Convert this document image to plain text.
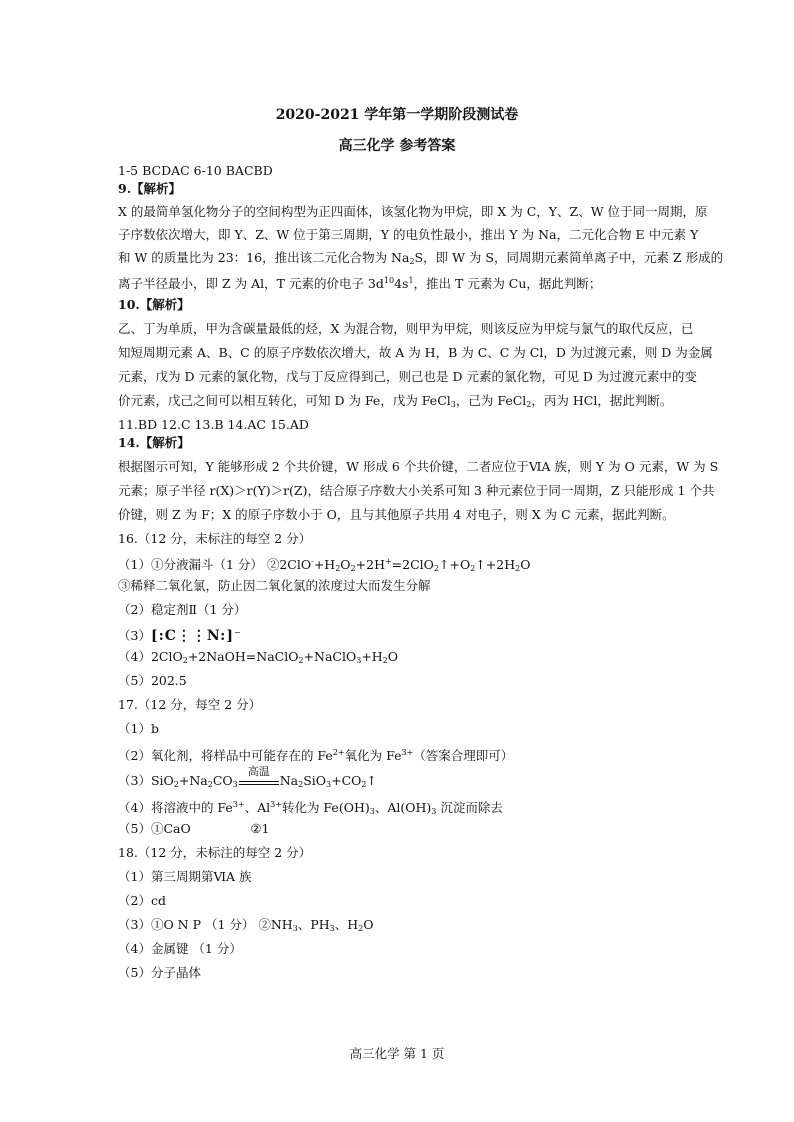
2020-2021 学年第一学期阶段测试卷
高三化学 参考答案
1-5 BCDAC 6-10 BACBD
9.【解析】
X 的最简单氢化物分子的空间构型为正四面体，该氢化物为甲烷，即 X 为 C，Y、Z、W 位于同一周期，原
子序数依次增大，即 Y、Z、W 位于第三周期，Y 的电负性最小，推出 Y 为 Na，二元化合物 E 中元素 Y
和 W 的质量比为 23：16，推出该二元化合物为 $Na_2S$，即 W 为 S，同周期元素简单离子中，元素 Z 形成的
离子半径最小，即 Z 为 Al，T 元素的价电子 $3d^{10}4s^1$，推出 T 元素为 Cu，据此判断；
10.【解析】
乙、丁为单质，甲为含碳量最低的烃，X 为混合物，则甲为甲烷，则该反应为甲烷与氯气的取代反应，已
知短周期元素 A、B、C 的原子序数依次增大，故 A 为 H，B 为 C、C 为 Cl，D 为过渡元素，则 D 为金属
元素，戊为 D 元素的氯化物，戊与丁反应得到己，则己也是 D 元素的氯化物，可见 D 为过渡元素中的变
价元素，戊己之间可以相互转化，可知 D 为 Fe，戊为 FeCl$_3$，己为 FeCl$_2$，丙为 HCl，据此判断。
11.BD 12.C 13.B 14.AC 15.AD
14.【解析】
根据图示可知，Y 能够形成 2 个共价键，W 形成 6 个共价键，二者应位于ⅥA 族，则 Y 为 O 元素，W 为 S
元素；原子半径 r(X)＞r(Y)＞r(Z)，结合原子序数大小关系可知 3 种元素位于同一周期，Z 只能形成 1 个共
价键，则 Z 为 F；X 的原子序数小于 O，且与其他原子共用 4 对电子，则 X 为 C 元素，据此判断。
16.（12 分，未标注的每空 2 分）
（1）①分液漏斗（1 分） $②2ClO^-+H_2O_2+2H^+=2ClO_2↑+O_2↑+2H_2O$
③稀释二氧化氯，防止因二氧化氯的浓度过大而发生分解
（2）稳定剂Ⅱ（1 分）
（3）[:C⋮⋮N:]−
$(4)2ClO_2+2NaOH=NaClO_2+NaClO_3+H_2O$
（5）202.5
17.（12 分，每空 2 分）
（1）b
（2）氧化剂，将样品中可能存在的 $Fe^{2+}$氧化为 $Fe^{3+}$（答案合理即可）
$(3)SiO_2+Na_2CO_3$
高温
$Na_2SiO_3+CO_2↑$
（4）将溶液中的 $Fe^{3+}$、$Al^{3+}$转化为 $Fe(OH)_3$、$Al(OH)_3$ 沉淀而除去
（5）①CaO               ②1
18.（12 分，未标注的每空 2 分）
（1）第三周期第ⅥA 族
（2）cd
（3）①O N P （1 分） $②NH_3$、$PH_3$、$H_2O$
（4）金属键 （1 分）
（5）分子晶体
高三化学 第 1 页
